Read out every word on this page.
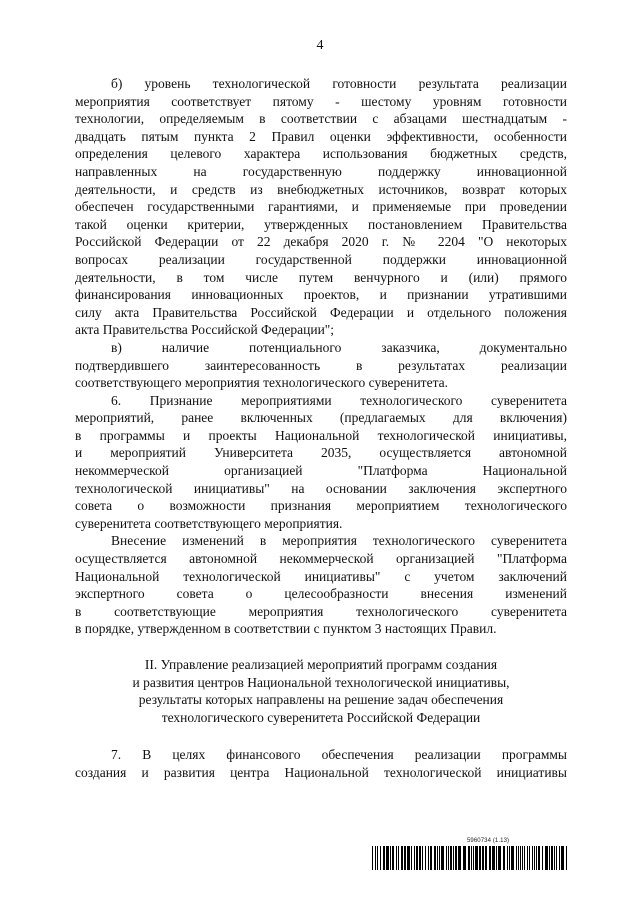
4

б) уровень технологической готовности результата реализации
мероприятия соответствует пятому - шестому уровням готовности
технологии, определяемым в соответствии с абзацами шестнадцатым -
двадцать пятым пункта 2 Правил оценки эффективности, особенности
определения целевого характера использования бюджетных средств,
направленных на государственную поддержку инновационной
деятельности, и средств из внебюджетных источников, возврат которых
обеспечен государственными гарантиями, и применяемые при проведении
такой оценки критерии, утвержденных постановлением Правительства
Российской Федерации от 22 декабря 2020 г. № 2204 "О некоторых
вопросах реализации государственной поддержки инновационной
деятельности, в том числе путем венчурного и (или) прямого
финансирования инновационных проектов, и признании утратившими
силу акта Правительства Российской Федерации и отдельного положения
акта Правительства Российской Федерации";

в) наличие потенциального заказчика, документально
подтвердившего заинтересованность в результатах реализации
соответствующего мероприятия технологического суверенитета.

6. Признание мероприятиями технологического суверенитета
мероприятий, ранее включенных (предлагаемых для включения)
в программы и проекты Национальной технологической инициативы,
и мероприятий Университета 2035, осуществляется автономной
некоммерческой организацией "Платформа Национальной
технологической инициативы" на основании заключения экспертного
совета о возможности признания мероприятием технологического
суверенитета соответствующего мероприятия.

Внесение изменений в мероприятия технологического суверенитета
осуществляется автономной некоммерческой организацией "Платформа
Национальной технологической инициативы" с учетом заключений
экспертного совета о целесообразности внесения изменений
в соответствующие мероприятия технологического суверенитета
в порядке, утвержденном в соответствии с пунктом 3 настоящих Правил.

II. Управление реализацией мероприятий программ создания

и развития центров Национальной технологической инициативы,

результаты которых направлены на решение задач обеспечения

технологического суверенитета Российской Федерации

7. В целях финансового обеспечения реализации программы
создания и развития центра Национальной технологической инициативы

5960734 (1.13)
